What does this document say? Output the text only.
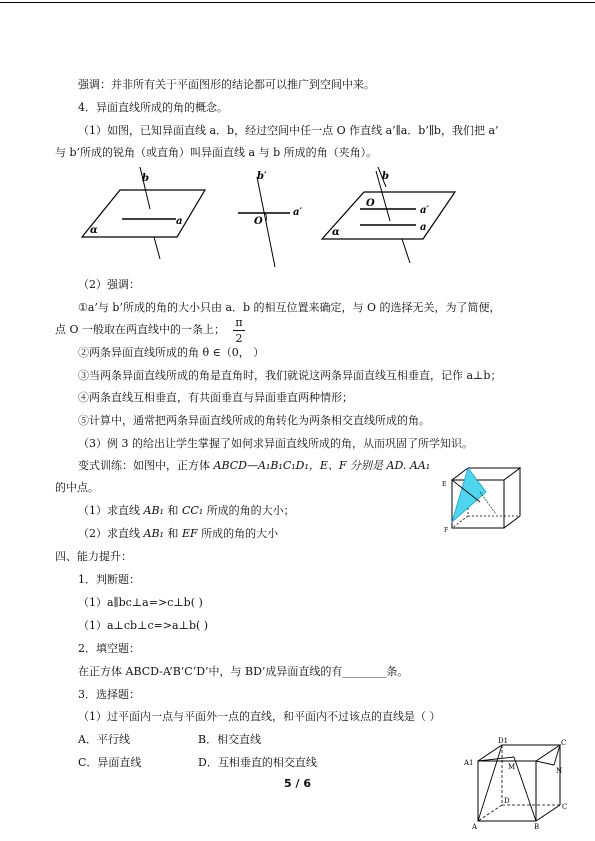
强调：并非所有关于平面图形的结论都可以推广到空间中来。
4．异面直线所成的角的概念。
（1）如图，已知异面直线 a．b，经过空间中任一点 O 作直线 a’∥a．b’∥b，我们把 a’
与 b’所成的锐角（或直角）叫异面直线 a 与 b 所成的角（夹角）。
b
a
α
b′
a′
O
b
a′
a
O
α
（2）强调：
①a’与 b’所成的角的大小只由 a．b 的相互位置来确定，与 O 的选择无关，为了简便，
点 O 一般取在两直线中的一条上；
π
2
②两条异面直线所成的角 θ ∈（0， ）
③当两条异面直线所成的角是直角时，我们就说这两条异面直线互相垂直，记作 a⊥b；
④两条直线互相垂直，有共面垂直与异面垂直两种情形；
⑤计算中，通常把两条异面直线所成的角转化为两条相交直线所成的角。
（3）例 3 的给出让学生掌握了如何求异面直线所成的角，从而巩固了所学知识。
变式训练：如图中，正方体 ABCD—A₁B₁C₁D₁，E、F 分别是 AD. AA₁
的中点。	E
F
（1）求直线 AB₁ 和 CC₁ 所成的角的大小；
（2）求直线 AB₁ 和 EF 所成的角的大小
四、能力提升：
1．判断题：
（1）a∥bc⊥a=>c⊥b( )
（1）a⊥cb⊥c=>a⊥b( )
2．填空题：
在正方体 ABCD-A’B’C’D’中，与 BD’成异面直线的有________条。
3．选择题：
（1）过平面内一点与平面外一点的直线，和平面内不过该点的直线是（ ）
A．平行线	B．相交直线
C．异面直线	D．互相垂直的相交直线
D1	C
A1	M	N
D
C
A	B
5 / 6
